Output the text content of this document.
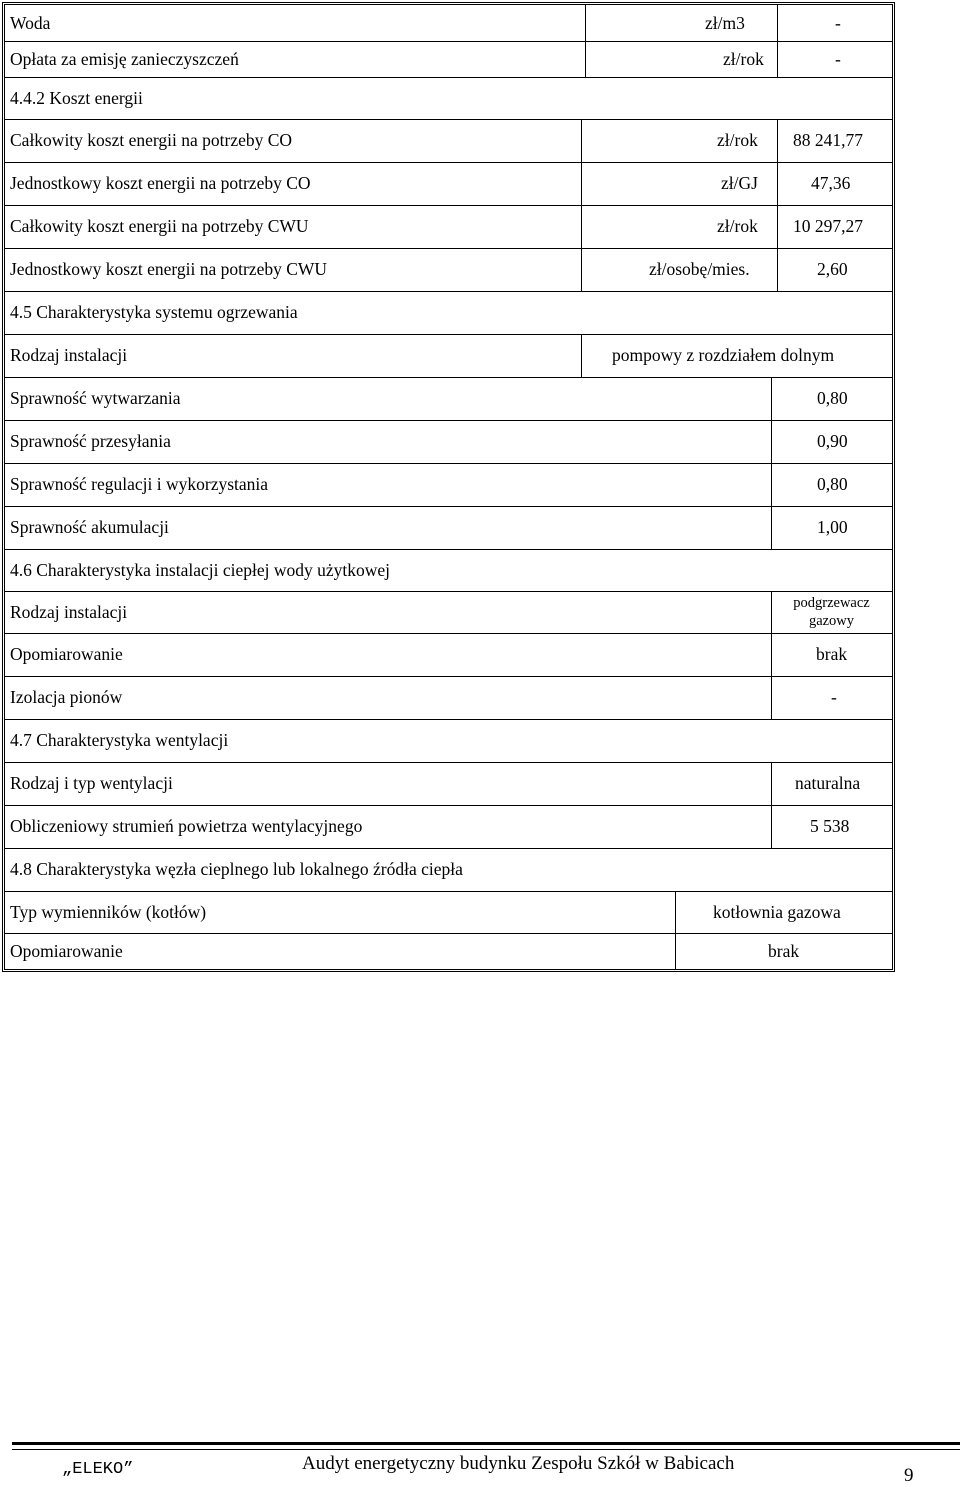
Woda	zł/m3	-
Opłata za emisję zanieczyszczeń	zł/rok	-
4.4.2 Koszt energii
Całkowity koszt energii na potrzeby CO	zł/rok 88 241,77
Jednostkowy koszt energii na potrzeby CO	zł/GJ	47,36
Całkowity koszt energii na potrzeby CWU	zł/rok 10 297,27
Jednostkowy koszt energii na potrzeby CWU	zł/osobę/mies.	2,60
4.5 Charakterystyka systemu ogrzewania
Rodzaj instalacji	pompowy z rozdziałem dolnym
Sprawność wytwarzania	0,80
Sprawność przesyłania	0,90
Sprawność regulacji i wykorzystania	0,80
Sprawność akumulacji	1,00
4.6 Charakterystyka instalacji ciepłej wody użytkowej
Rodzaj instalacji	podgrzewacz
gazowy
Opomiarowanie	brak
Izolacja pionów	-
4.7 Charakterystyka wentylacji
Rodzaj i typ wentylacji	naturalna
Obliczeniowy strumień powietrza wentylacyjnego	5 538
4.8 Charakterystyka węzła cieplnego lub lokalnego źródła ciepła
Typ wymienników (kotłów)	kotłownia gazowa
Opomiarowanie	brak
„ELEKO”	Audyt energetyczny budynku Zespołu Szkół w Babicach
9
